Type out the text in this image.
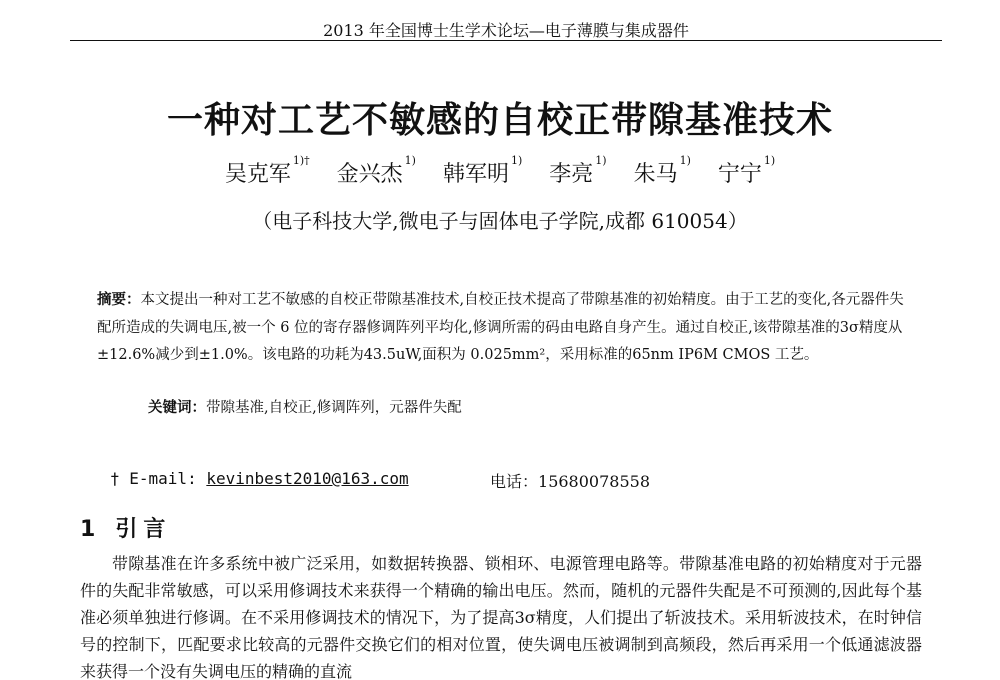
2013 年全国博士生学术论坛—电子薄膜与集成器件
一种对工艺不敏感的自校正带隙基准技术
吴克军$^{1)\dagger}$ 金兴杰$^{1)}$ 韩军明$^{1)}$ 李亮$^{1)}$ 朱马$^{1)}$ 宁宁$^{1)}$
（电子科技大学,微电子与固体电子学院,成都 610054）
摘要：本文提出一种对工艺不敏感的自校正带隙基准技术,自校正技术提高了带隙基准的初始精度。由于工艺的变化,各元器件失配所造成的失调电压,被一个 6 位的寄存器修调阵列平均化,修调所需的码由电路自身产生。通过自校正,该带隙基准的3σ精度从±12.6%减少到±1.0%。该电路的功耗为43.5uW,面积为 0.025mm²，采用标准的65nm IP6M CMOS 工艺。
关键词：带隙基准,自校正,修调阵列，元器件失配
† E-mail: kevinbest2010@163.com	电话：15680078558
1 引言

带隙基准在许多系统中被广泛采用，如数据转换器、锁相环、电源管理电路等。带隙基准电路的初始精度对于元器件的失配非常敏感，可以采用修调技术来获得一个精确的输出电压。然而，随机的元器件失配是不可预测的,因此每个基准必须单独进行修调。在不采用修调技术的情况下，为了提高3σ精度，人们提出了斩波技术。采用斩波技术，在时钟信号的控制下，匹配要求比较高的元器件交换它们的相对位置，使失调电压被调制到高频段，然后再采用一个低通滤波器来获得一个没有失调电压的精确的直流
